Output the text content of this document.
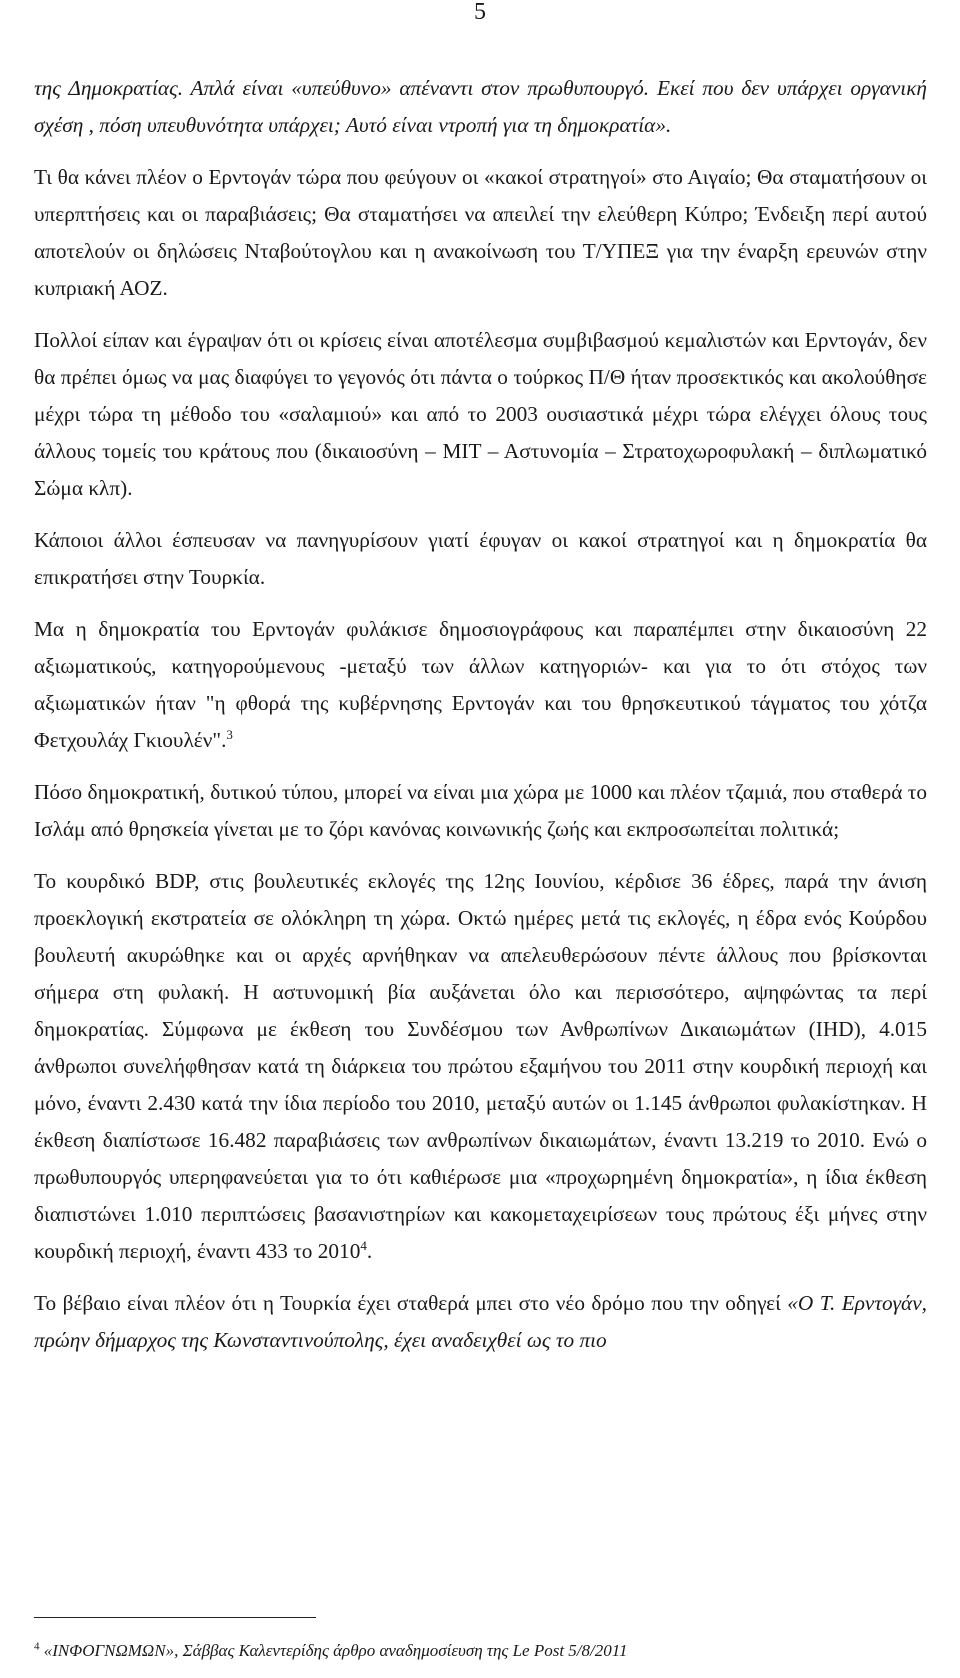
5

της Δημοκρατίας. Απλά είναι «υπεύθυνο» απέναντι στον πρωθυπουργό. Εκεί που δεν υπάρχει οργανική σχέση , πόση υπευθυνότητα υπάρχει; Αυτό είναι ντροπή για τη δημοκρατία».

Τι θα κάνει πλέον ο Ερντογάν τώρα που φεύγουν οι «κακοί στρατηγοί» στο Αιγαίο; Θα σταματήσουν οι υπερπτήσεις και οι παραβιάσεις; Θα σταματήσει να απειλεί την ελεύθερη Κύπρο; Ένδειξη περί αυτού αποτελούν οι δηλώσεις Νταβούτογλου και η ανακοίνωση του Τ/ΥΠΕΞ για την έναρξη ερευνών στην κυπριακή ΑΟΖ.

Πολλοί είπαν και έγραψαν ότι οι κρίσεις είναι αποτέλεσμα συμβιβασμού κεμαλιστών και Ερντογάν, δεν θα πρέπει όμως να μας διαφύγει το γεγονός ότι πάντα ο τούρκος Π/Θ ήταν προσεκτικός και ακολούθησε μέχρι τώρα τη μέθοδο του «σαλαμιού» και από το 2003 ουσιαστικά μέχρι τώρα ελέγχει όλους τους άλλους τομείς του κράτους που (δικαιοσύνη – ΜΙΤ – Αστυνομία – Στρατοχωροφυλακή – διπλωματικό Σώμα κλπ).

Κάποιοι άλλοι έσπευσαν να πανηγυρίσουν γιατί έφυγαν οι κακοί στρατηγοί και η δημοκρατία θα επικρατήσει στην Τουρκία.

Μα η δημοκρατία του Ερντογάν φυλάκισε δημοσιογράφους και παραπέμπει στην δικαιοσύνη 22 αξιωματικούς, κατηγορούμενους -μεταξύ των άλλων κατηγοριών- και για το ότι στόχος των αξιωματικών ήταν "η φθορά της κυβέρνησης Ερντογάν και του θρησκευτικού τάγματος του χότζα Φετχουλάχ Γκιουλέν".$^3$

Πόσο δημοκρατική, δυτικού τύπου, μπορεί να είναι μια χώρα με 1000 και πλέον τζαμιά, που σταθερά το Ισλάμ από θρησκεία γίνεται με το ζόρι κανόνας κοινωνικής ζωής και εκπροσωπείται πολιτικά;

Το κουρδικό BDP, στις βουλευτικές εκλογές της 12ης Ιουνίου, κέρδισε 36 έδρες, παρά την άνιση προεκλογική εκστρατεία σε ολόκληρη τη χώρα. Οκτώ ημέρες μετά τις εκλογές, η έδρα ενός Κούρδου βουλευτή ακυρώθηκε και οι αρχές αρνήθηκαν να απελευθερώσουν πέντε άλλους που βρίσκονται σήμερα στη φυλακή. Η αστυνομική βία αυξάνεται όλο και περισσότερο, αψηφώντας τα περί δημοκρατίας. Σύμφωνα με έκθεση του Συνδέσμου των Ανθρωπίνων Δικαιωμάτων (IHD), 4.015 άνθρωποι συνελήφθησαν κατά τη διάρκεια του πρώτου εξαμήνου του 2011 στην κουρδική περιοχή και μόνο, έναντι 2.430 κατά την ίδια περίοδο του 2010, μεταξύ αυτών οι 1.145 άνθρωποι φυλακίστηκαν. Η έκθεση διαπίστωσε 16.482 παραβιάσεις των ανθρωπίνων δικαιωμάτων, έναντι 13.219 το 2010. Ενώ ο πρωθυπουργός υπερηφανεύεται για το ότι καθιέρωσε μια «προχωρημένη δημοκρατία», η ίδια έκθεση διαπιστώνει 1.010 περιπτώσεις βασανιστηρίων και κακομεταχειρίσεων τους πρώτους έξι μήνες στην κουρδική περιοχή, έναντι 433 το 2010$^4$.

Το βέβαιο είναι πλέον ότι η Τουρκία έχει σταθερά μπει στο νέο δρόμο που την οδηγεί «Ο Τ. Ερντογάν, πρώην δήμαρχος της Κωνσταντινούπολης, έχει αναδειχθεί ως το πιο

$^4$ «ΙΝΦΟΓΝΩΜΩΝ», Σάββας Καλεντερίδης άρθρο αναδημοσίευση της Le Post 5/8/2011
